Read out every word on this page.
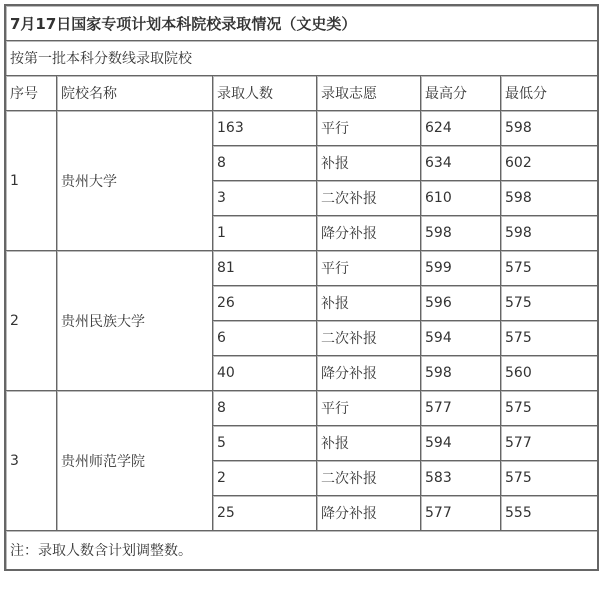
7月17日国家专项计划本科院校录取情况（文史类）					
按第一批本科分数线录取院校					
序号	院校名称	录取人数	录取志愿	最高分	最低分
1	贵州大学	163	平行	624	598
		8	补报	634	602
		3	二次补报	610	598
		1	降分补报	598	598
2	贵州民族大学	81	平行	599	575
		26	补报	596	575
		6	二次补报	594	575
		40	降分补报	598	560
3	贵州师范学院	8	平行	577	575
		5	补报	594	577
		2	二次补报	583	575
		25	降分补报	577	555
注：录取人数含计划调整数。					
